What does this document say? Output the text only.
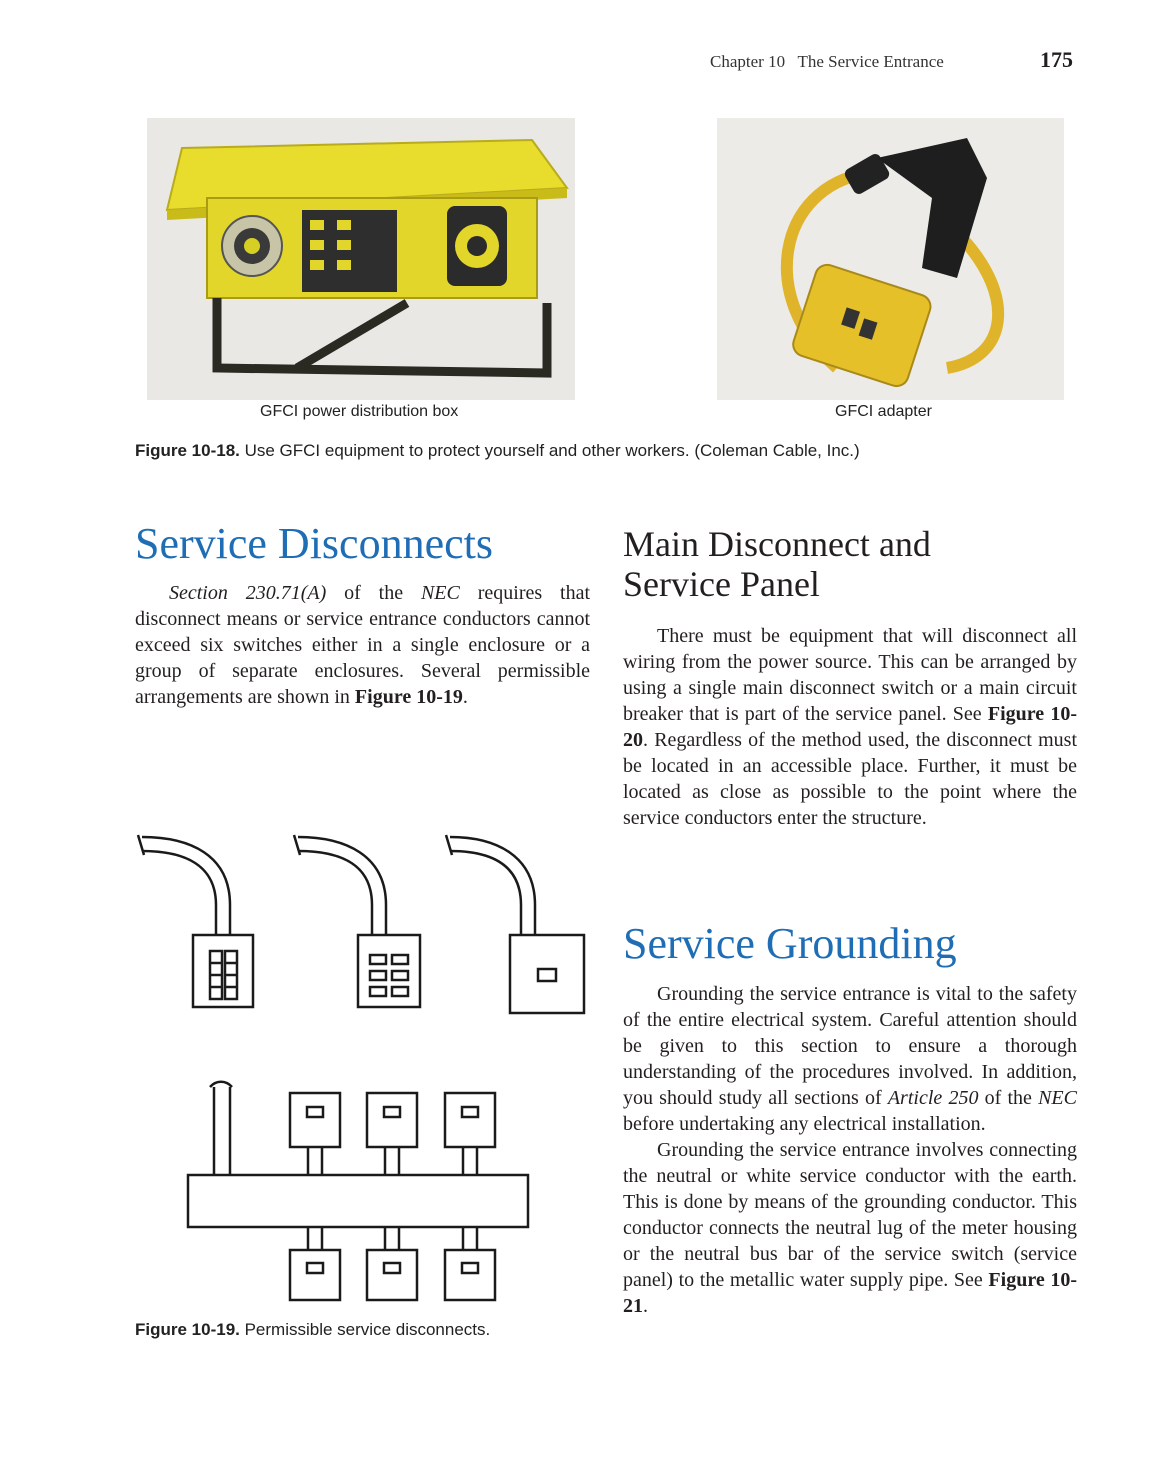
Chapter 10   The Service Entrance	175
GFCI power distribution box	GFCI adapter
Figure 10-18. Use GFCI equipment to protect yourself and other workers. (Coleman Cable, Inc.)
Service Disconnects

Section 230.71(A) of the NEC requires that disconnect means or service entrance conductors cannot exceed six switches either in a single enclosure or a group of separate enclosures. Several permissible arrangements are shown in Figure 10-19.

Figure 10-19. Permissible service disconnects.
Main Disconnect and
Service Panel

There must be equipment that will disconnect all wiring from the power source. This can be arranged by using a single main disconnect switch or a main circuit breaker that is part of the service panel. See Figure 10-20. Regardless of the method used, the disconnect must be located in an accessible place. Further, it must be located as close as possible to the point where the service conductors enter the structure.

Service Grounding

Grounding the service entrance is vital to the safety of the entire electrical system. Careful attention should be given to this section to ensure a thorough understanding of the procedures involved. In addition, you should study all sections of Article 250 of the NEC before undertaking any electrical installation.

Grounding the service entrance involves connecting the neutral or white service conductor with the earth. This is done by means of the grounding conductor. This conductor connects the neutral lug of the meter housing or the neutral bus bar of the service switch (service panel) to the metallic water supply pipe. See Figure 10-21.
